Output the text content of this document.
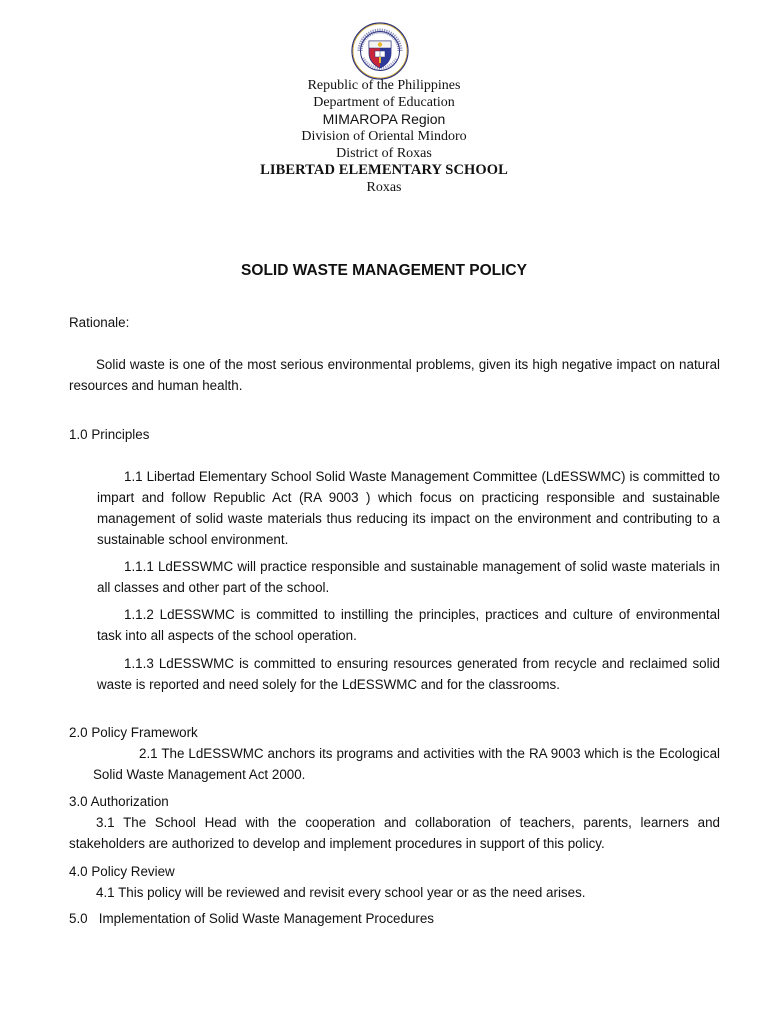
Republic of the Philippines
Department of Education
MIMAROPA Region
Division of Oriental Mindoro
District of Roxas
LIBERTAD ELEMENTARY SCHOOL
Roxas
SOLID WASTE MANAGEMENT POLICY
Rationale:

Solid waste is one of the most serious environmental problems, given its high negative impact on natural resources and human health.

1.0 Principles

1.1 Libertad Elementary School Solid Waste Management Committee (LdESSWMC) is committed to impart and follow Republic Act (RA 9003 ) which focus on practicing responsible and sustainable management of solid waste materials thus reducing its impact on the environment and contributing to a sustainable school environment.

1.1.1 LdESSWMC will practice responsible and sustainable management of solid waste materials in all classes and other part of the school.

1.1.2 LdESSWMC is committed to instilling the principles, practices and culture of environmental task into all aspects of the school operation.

1.1.3 LdESSWMC is committed to ensuring resources generated from recycle and reclaimed solid waste is reported and need solely for the LdESSWMC and for the classrooms.

2.0 Policy Framework

2.1 The LdESSWMC anchors its programs and activities with the RA 9003 which is the Ecological Solid Waste Management Act 2000.

3.0 Authorization

3.1 The School Head with the cooperation and collaboration of teachers, parents, learners and stakeholders are authorized to develop and implement procedures in support of this policy.

4.0 Policy Review

4.1 This policy will be reviewed and revisit every school year or as the need arises.

5.0   Implementation of Solid Waste Management Procedures
